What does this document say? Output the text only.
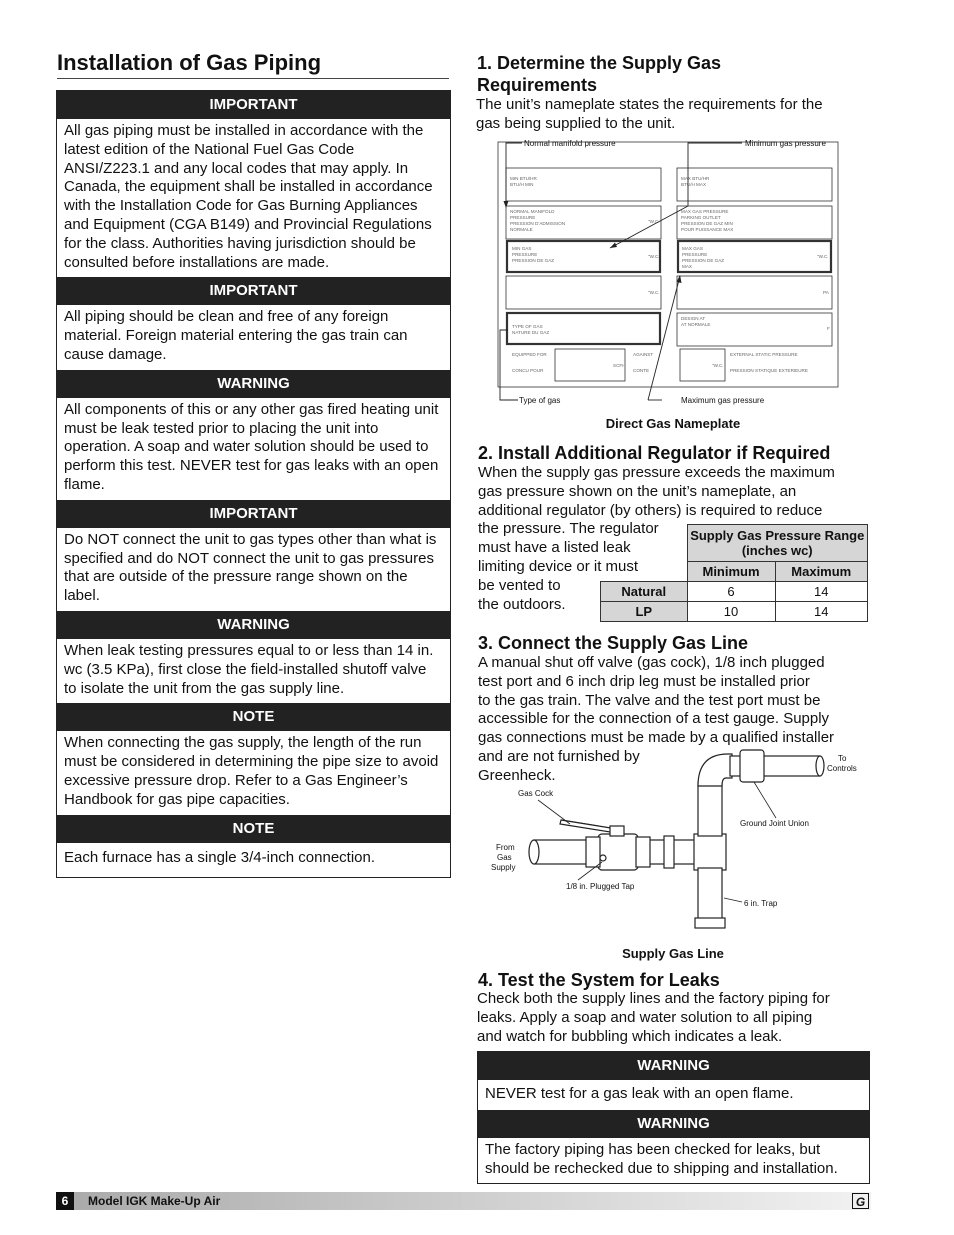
Installation of Gas Piping
IMPORTANT
All gas piping must be installed in accordance with the latest edition of the National Fuel Gas Code ANSI/Z223.1 and any local codes that may apply. In Canada, the equipment shall be installed in accordance with the Installation Code for Gas Burning Appliances and Equipment (CGA B149) and Provincial Regulations for the class. Authorities having jurisdiction should be consulted before installations are made.
IMPORTANT
All piping should be clean and free of any foreign material. Foreign material entering the gas train can cause damage.
WARNING
All components of this or any other gas fired heating unit must be leak tested prior to placing the unit into operation. A soap and water solution should be used to perform this test. NEVER test for gas leaks with an open flame.
IMPORTANT
Do NOT connect the unit to gas types other than what is specified and do NOT connect the unit to gas pressures that are outside of the pressure range shown on the label.
WARNING
When leak testing pressures equal to or less than 14 in. wc (3.5 KPa), first close the field-installed shutoff valve to isolate the unit from the gas supply line.
NOTE
When connecting the gas supply, the length of the run must be considered in determining the pipe size to avoid excessive pressure drop. Refer to a Gas Engineer’s Handbook for gas pipe capacities.
NOTE
Each furnace has a single 3/4-inch connection.
1. Determine the Supply Gas
Requirements
The unit’s nameplate states the requirements for the
gas being supplied to the unit.
MIN BTU/HR
BTU/H MIN
MAX BTU/HR
BTU/H MAX
NORMAL MANIFOLD
PRESSURE
PRESSION D’ADMISSION
NORMALE
"W.C.
MAX GAS PRESSURE
PARKING OUTLET
PRESSION DE GAZ MIN
POUR PUISSANCE MAX
MIN GAS
PRESSURE
PRESSION DE GAZ
"W.C.
MAX GAS
PRESSURE
PRESSION DE GAZ
MAX
"W.C.
"W.C.	PA
TYPE OF GAS
NATURE DU GAZ
DESIGN AT
AT NORMALE
F
EQUIPPED FOR
CONCU POUR
SCFH
AGAINST
CONTE
"W.C.
EXTERNAL STATIC PRESSURE
PRESSION STATIQUE EXTERIEURE
Normal manifold pressure	Minimum gas pressure
Type of gas	Maximum gas pressure
Direct Gas Nameplate
2. Install Additional Regulator if Required
When the supply gas pressure exceeds the maximum
gas pressure shown on the unit’s nameplate, an
additional regulator (by others) is required to reduce
the pressure. The regulator
must have a listed leak
limiting device or it must
be vented to
the outdoors.
	Supply Gas Pressure Range (inches wc)	
	Minimum	Maximum
Natural	6	14
LP	10	14
3. Connect the Supply Gas Line
A manual shut off valve (gas cock), 1/8 inch plugged
test port and 6 inch drip leg must be installed prior
to the gas train. The valve and the test port must be
accessible for the connection of a test gauge. Supply
gas connections must be made by a qualified installer
and are not furnished by
Greenheck.
Gas Cock
Ground Joint Union
From
Gas
Supply
1/8 in. Plugged Tap
6 in. Trap
To
Controls
Supply Gas Line
4. Test the System for Leaks
Check both the supply lines and the factory piping for
leaks. Apply a soap and water solution to all piping
and watch for bubbling which indicates a leak.
WARNING
NEVER test for a gas leak with an open flame.
WARNING
The factory piping has been checked for leaks, but should be rechecked due to shipping and installation.
6	Model IGK Make-Up Air	G
